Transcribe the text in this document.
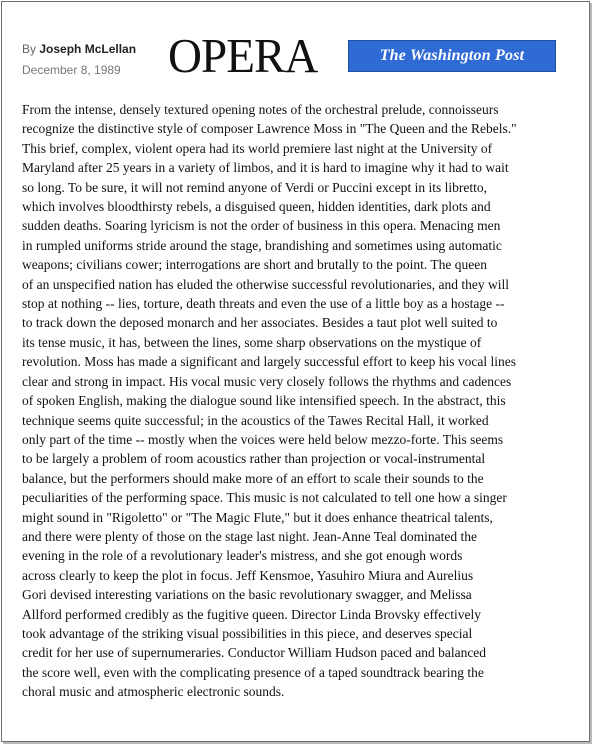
By Joseph McLellan
December 8, 1989 OPERA	The Washington Post
From the intense, densely textured opening notes of the orchestral prelude, connoisseurs
recognize the distinctive style of composer Lawrence Moss in "The Queen and the Rebels."
This brief, complex, violent opera had its world premiere last night at the University of
Maryland after 25 years in a variety of limbos, and it is hard to imagine why it had to wait
so long. To be sure, it will not remind anyone of Verdi or Puccini except in its libretto,
which involves bloodthirsty rebels, a disguised queen, hidden identities, dark plots and
sudden deaths. Soaring lyricism is not the order of business in this opera. Menacing men
in rumpled uniforms stride around the stage, brandishing and sometimes using automatic
weapons; civilians cower; interrogations are short and brutally to the point. The queen
of an unspecified nation has eluded the otherwise successful revolutionaries, and they will
stop at nothing -- lies, torture, death threats and even the use of a little boy as a hostage --
to track down the deposed monarch and her associates. Besides a taut plot well suited to
its tense music, it has, between the lines, some sharp observations on the mystique of
revolution. Moss has made a significant and largely successful effort to keep his vocal lines
clear and strong in impact. His vocal music very closely follows the rhythms and cadences
of spoken English, making the dialogue sound like intensified speech. In the abstract, this
technique seems quite successful; in the acoustics of the Tawes Recital Hall, it worked
only part of the time -- mostly when the voices were held below mezzo-forte. This seems
to be largely a problem of room acoustics rather than projection or vocal-instrumental
balance, but the performers should make more of an effort to scale their sounds to the
peculiarities of the performing space. This music is not calculated to tell one how a singer
might sound in "Rigoletto" or "The Magic Flute," but it does enhance theatrical talents,
and there were plenty of those on the stage last night. Jean-Anne Teal dominated the
evening in the role of a revolutionary leader's mistress, and she got enough words
across clearly to keep the plot in focus. Jeff Kensmoe, Yasuhiro Miura and Aurelius
Gori devised interesting variations on the basic revolutionary swagger, and Melissa
Allford performed credibly as the fugitive queen. Director Linda Brovsky effectively
took advantage of the striking visual possibilities in this piece, and deserves special
credit for her use of supernumeraries. Conductor William Hudson paced and balanced
the score well, even with the complicating presence of a taped soundtrack bearing the
choral music and atmospheric electronic sounds.
